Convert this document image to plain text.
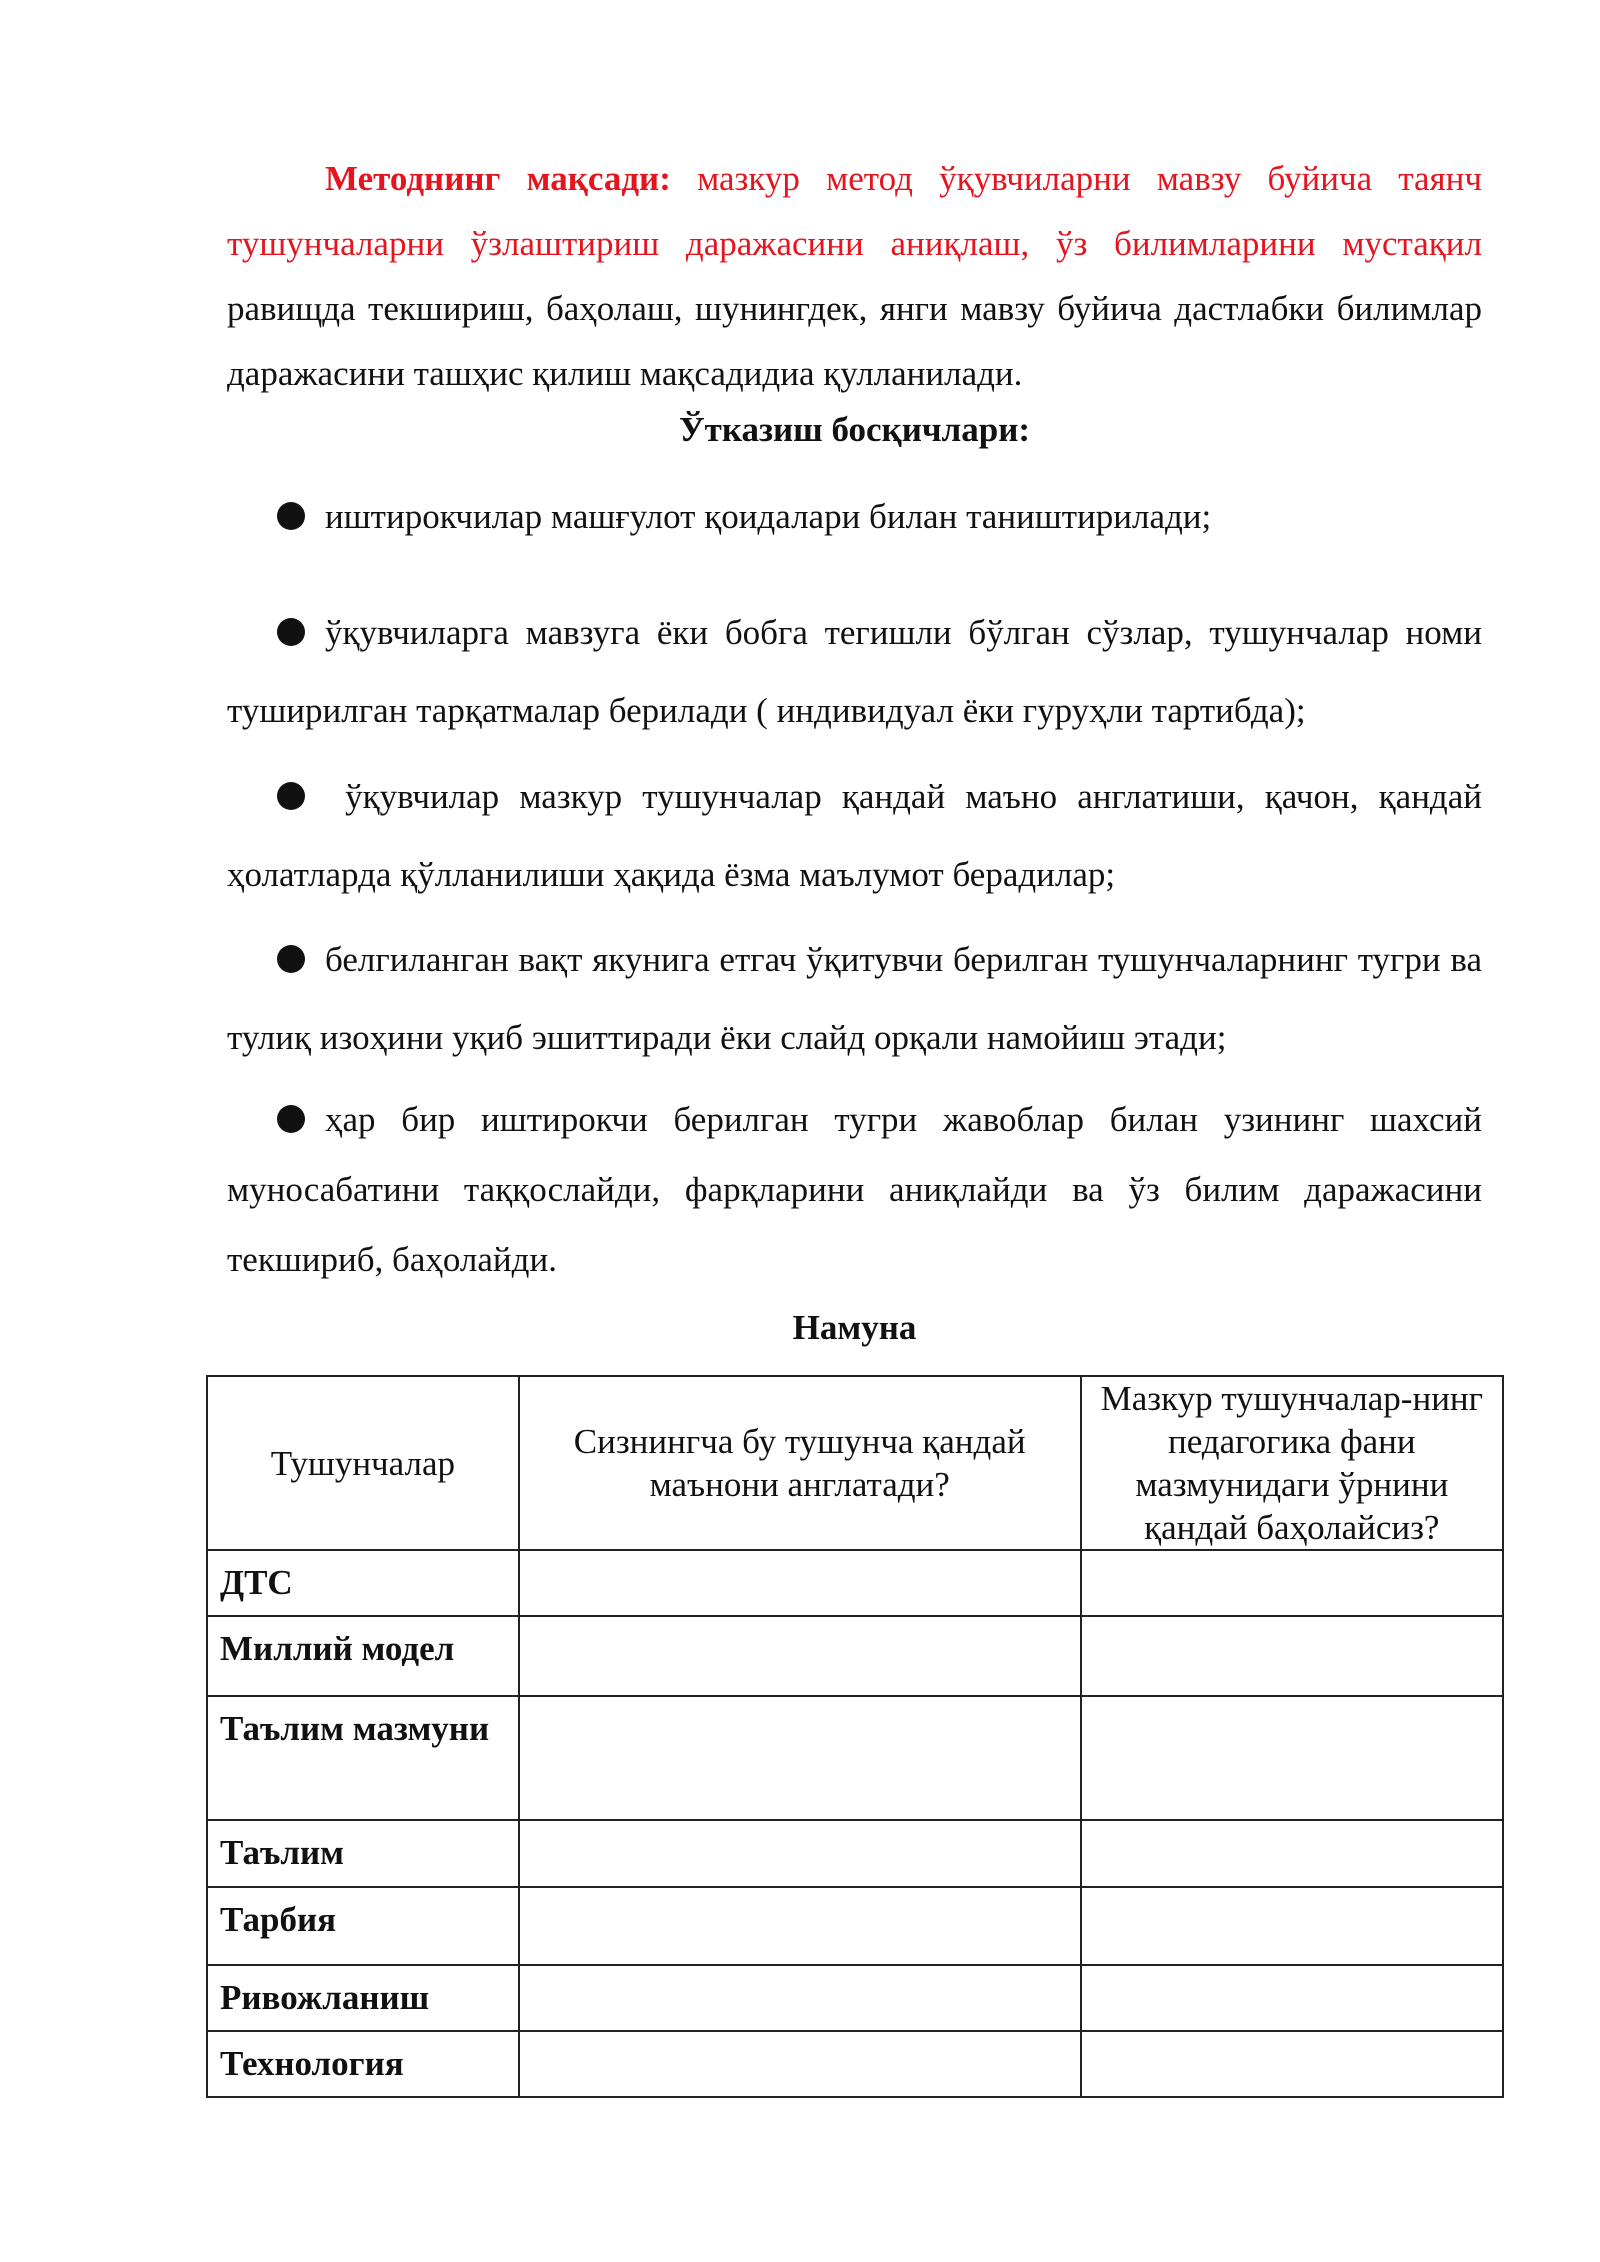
Методнинг мақсади: мазкур метод ўқувчиларни мавзу буйича таянч тушунчаларни ўзлаштириш даражасини аниқлаш, ўз билимларини мустақил равищда текшириш, баҳолаш, шунингдек, янги мавзу буйича дастлабки билимлар даражасини ташҳис қилиш мақсадидиа қулланилади.

Ўтказиш босқичлари:
иштирокчилар машғулот қоидалари билан таништирилади;
ўқувчиларга мавзуга ёки бобга тегишли бўлган сўзлар, тушунчалар номи туширилган тарқатмалар берилади ( индивидуал ёки гуруҳли тартибда);
ўқувчилар мазкур тушунчалар қандай маъно англатиши, қачон, қандай ҳолатларда қўлланилиши ҳақида ёзма маълумот берадилар;
белгиланган вақт якунига етгач ўқитувчи берилган тушунчаларнинг тугри ва тулиқ изоҳини уқиб эшиттиради ёки слайд орқали намойиш этади;
ҳар бир иштирокчи берилган тугри жавоблар билан узининг шахсий муносабатини таққослайди, фарқларини аниқлайди ва ўз билим даражасини текшириб, баҳолайди.
Намуна
Тушунчалар	Сизнингча бу тушунча қандай маънони англатади?	Мазкур тушунчалар-нинг педагогика фани мазмунидаги ўрнини қандай баҳолайсиз?
ДТС		
Миллий модел		
Таълим мазмуни		
Таълим		
Тарбия		
Ривожланиш		
Технология		
